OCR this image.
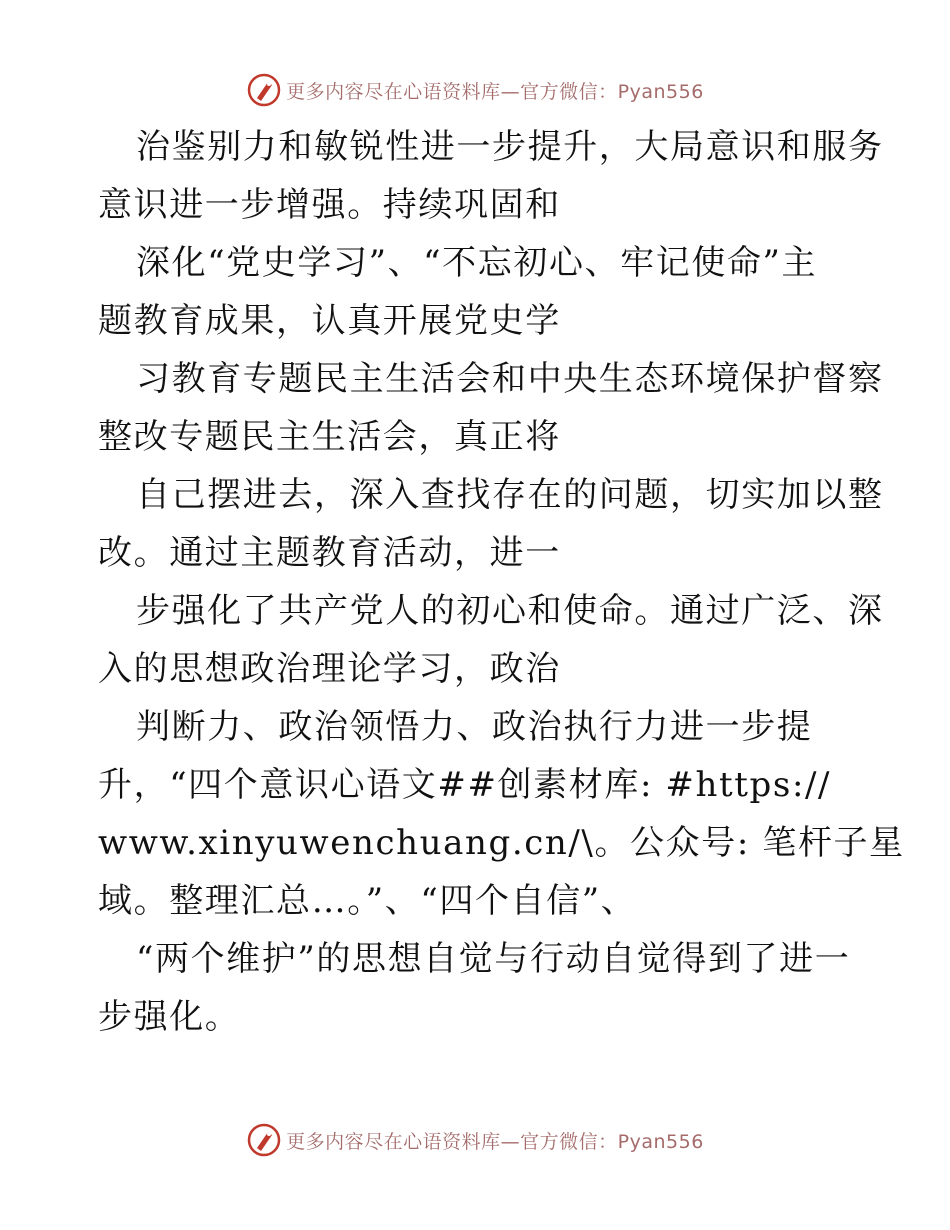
更多内容尽在心语资料库—官方微信：Pyan556
治鉴别力和敏锐性进一步提升，大局意识和服务
意识进一步增强。持续巩固和
深化“党史学习”、“不忘初心、牢记使命”主
题教育成果，认真开展党史学
习教育专题民主生活会和中央生态环境保护督察
整改专题民主生活会，真正将
自己摆进去，深入查找存在的问题，切实加以整
改。通过主题教育活动，进一
步强化了共产党人的初心和使命。通过广泛、深
入的思想政治理论学习，政治
判断力、政治领悟力、政治执行力进一步提
升，“四个意识心语文##创素材库: #https://
www.xinyuwenchuang.cn/\。公众号: 笔杆子星
域。整理汇总…。”、“四个自信”、
“两个维护”的思想自觉与行动自觉得到了进一
步强化。
更多内容尽在心语资料库—官方微信：Pyan556
